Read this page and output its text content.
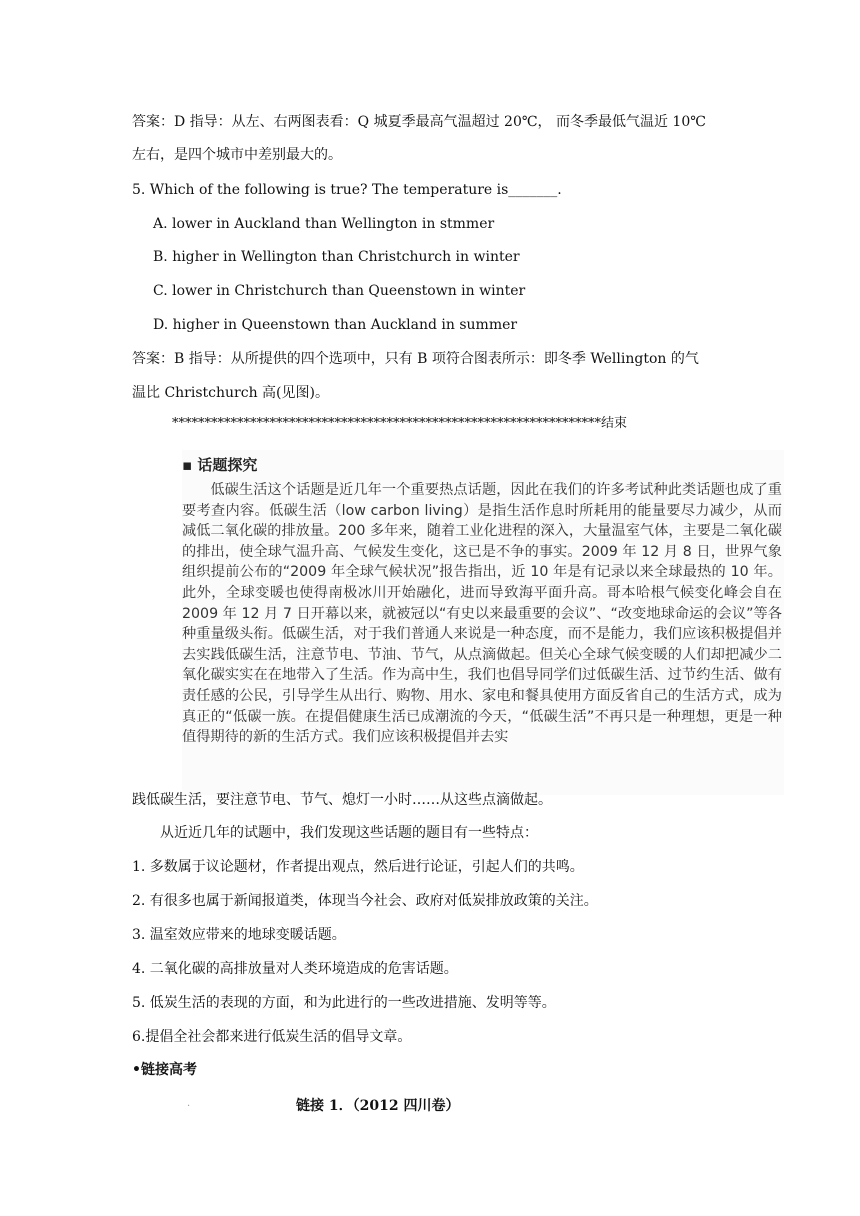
答案：D 指导：从左、右两图表看：Q 城夏季最高气温超过 20℃， 而冬季最低气温近 10℃
左右，是四个城市中差别最大的。
5. Which of the following is true? The temperature is_______.
A. lower in Auckland than Wellington in stmmer
B. higher in Wellington than Christchurch in winter
C. lower in Christchurch than Queenstown in winter
D. higher in Queenstown than Auckland in summer
答案：B 指导：从所提供的四个选项中，只有 B 项符合图表所示：即冬季 Wellington 的气
温比 Christchurch 高(见图)。
******************************************************************结束
▪ 话题探究
低碳生活这个话题是近几年一个重要热点话题，因此在我们的许多考试种此类话题也成了重要考查内容。低碳生活（low carbon living）是指生活作息时所耗用的能量要尽力减少，从而减低二氧化碳的排放量。200 多年来，随着工业化进程的深入，大量温室气体，主要是二氧化碳的排出，使全球气温升高、气候发生变化，这已是不争的事实。2009 年 12 月 8 日，世界气象组织提前公布的“2009 年全球气候状况”报告指出，近 10 年是有记录以来全球最热的 10 年。此外，全球变暖也使得南极冰川开始融化，进而导致海平面升高。哥本哈根气候变化峰会自在 2009 年 12 月 7 日开幕以来，就被冠以“有史以来最重要的会议”、“改变地球命运的会议”等各种重量级头衔。低碳生活，对于我们普通人来说是一种态度，而不是能力，我们应该积极提倡并去实践低碳生活，注意节电、节油、节气，从点滴做起。但关心全球气候变暖的人们却把减少二氧化碳实实在在地带入了生活。作为高中生，我们也倡导同学们过低碳生活、过节约生活、做有责任感的公民，引导学生从出行、购物、用水、家电和餐具使用方面反省自己的生活方式，成为真正的“低碳一族。在提倡健康生活已成潮流的今天，“低碳生活”不再只是一种理想，更是一种值得期待的新的生活方式。我们应该积极提倡并去实
践低碳生活，要注意节电、节气、熄灯一小时……从这些点滴做起。
从近近几年的试题中，我们发现这些话题的题目有一些特点：
1. 多数属于议论题材，作者提出观点，然后进行论证，引起人们的共鸣。
2. 有很多也属于新闻报道类，体现当今社会、政府对低炭排放政策的关注。
3. 温室效应带来的地球变暖话题。
4. 二氧化碳的高排放量对人类环境造成的危害话题。
5. 低炭生活的表现的方面，和为此进行的一些改进措施、发明等等。
6.提倡全社会都来进行低炭生活的倡导文章。
•链接高考
.	链接 1．（2012 四川卷）
